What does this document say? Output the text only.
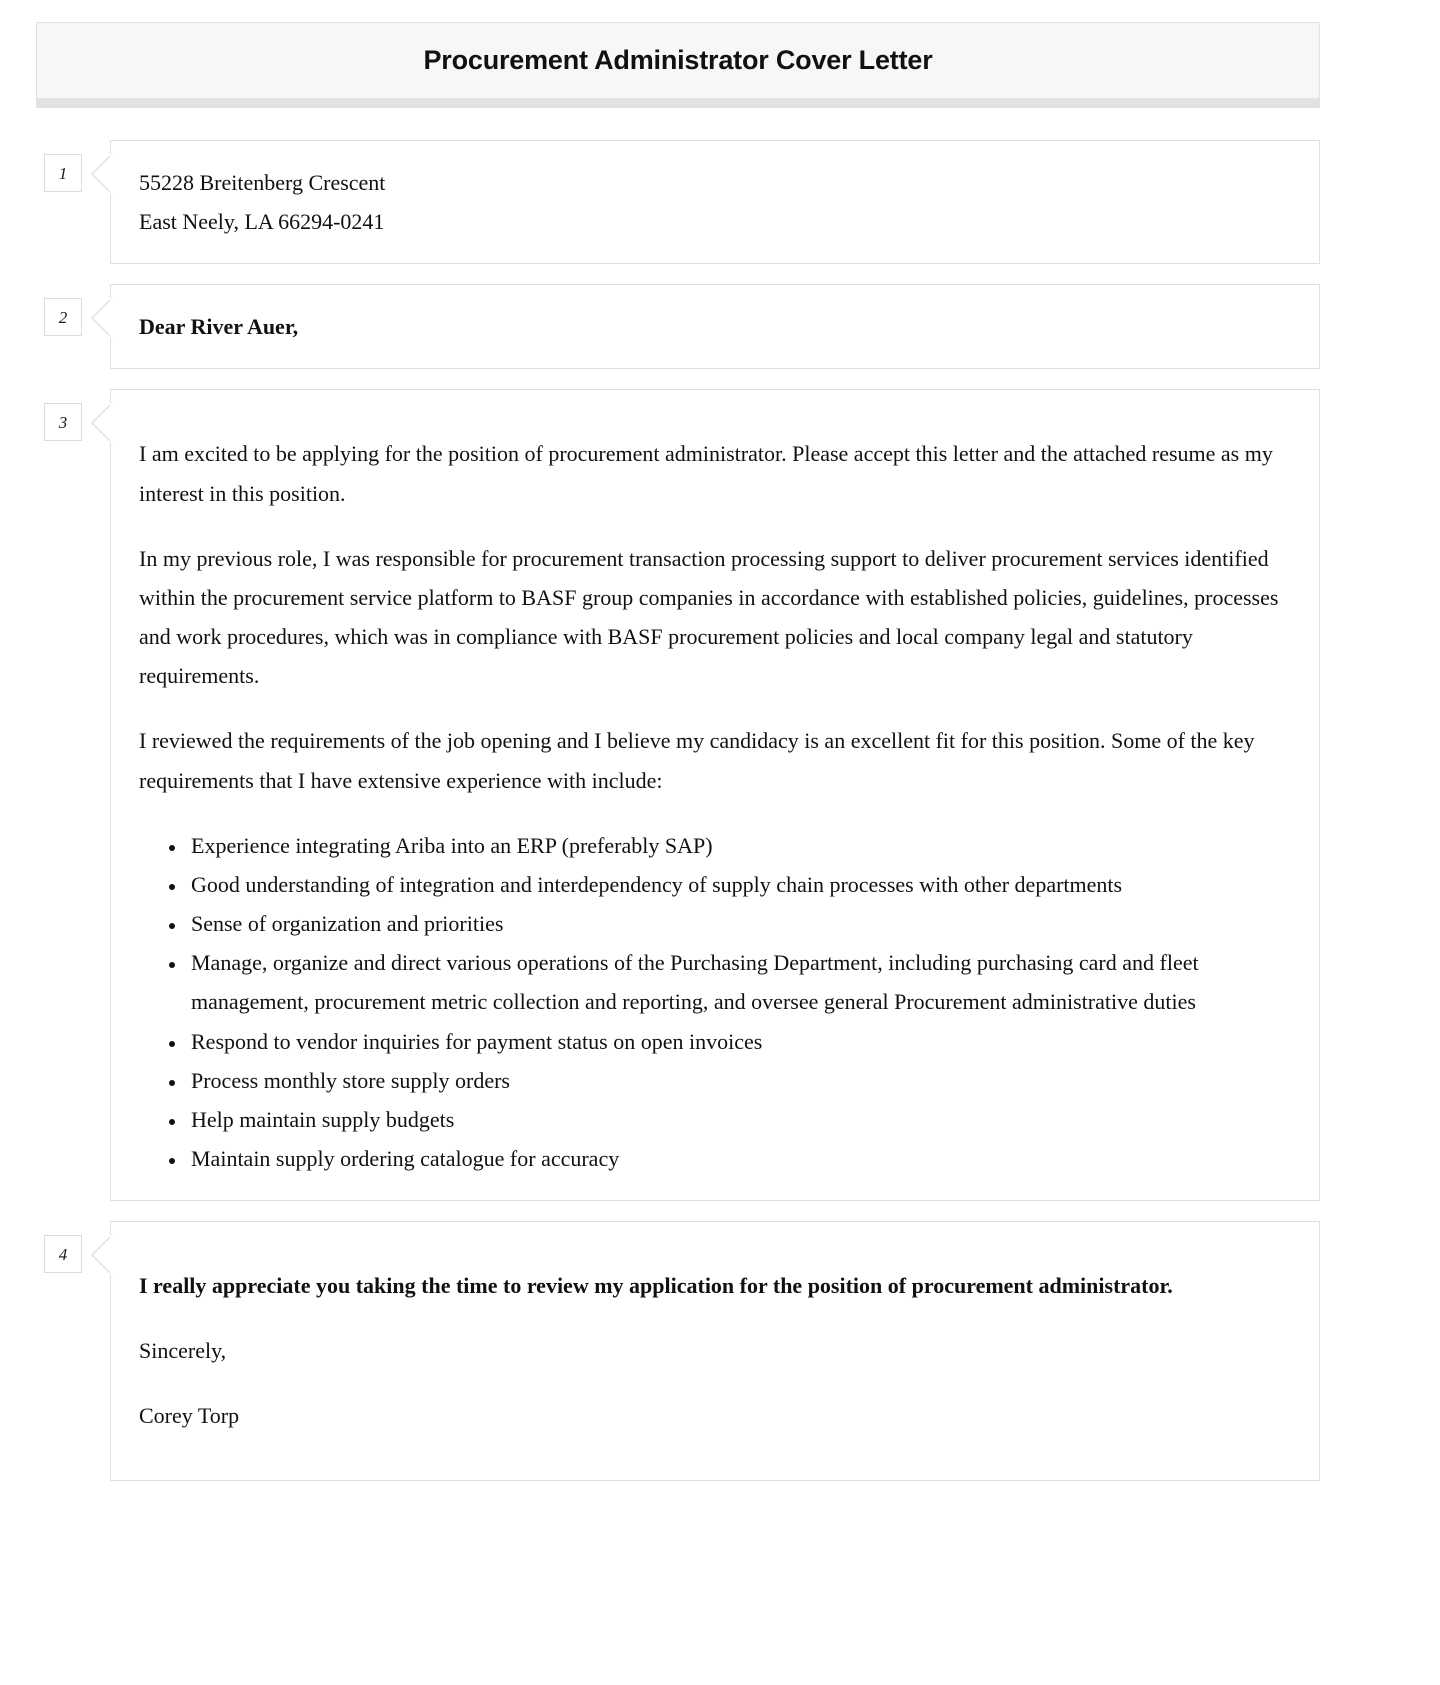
Procurement Administrator Cover Letter
1	55228 Breitenberg Crescent
East Neely, LA 66294-0241
2	Dear River Auer,
3

I am excited to be applying for the position of procurement administrator. Please accept this letter and the attached resume as my interest in this position.

In my previous role, I was responsible for procurement transaction processing support to deliver procurement services identified within the procurement service platform to BASF group companies in accordance with established policies, guidelines, processes and work procedures, which was in compliance with BASF procurement policies and local company legal and statutory requirements.

I reviewed the requirements of the job opening and I believe my candidacy is an excellent fit for this position. Some of the key requirements that I have extensive experience with include:

• Experience integrating Ariba into an ERP (preferably SAP)
• Good understanding of integration and interdependency of supply chain processes with other departments
• Sense of organization and priorities
• Manage, organize and direct various operations of the Purchasing Department, including purchasing card and fleet management, procurement metric collection and reporting, and oversee general Procurement administrative duties
• Respond to vendor inquiries for payment status on open invoices
• Process monthly store supply orders
• Help maintain supply budgets
• Maintain supply ordering catalogue for accuracy
4

I really appreciate you taking the time to review my application for the position of procurement administrator.

Sincerely,

Corey Torp
